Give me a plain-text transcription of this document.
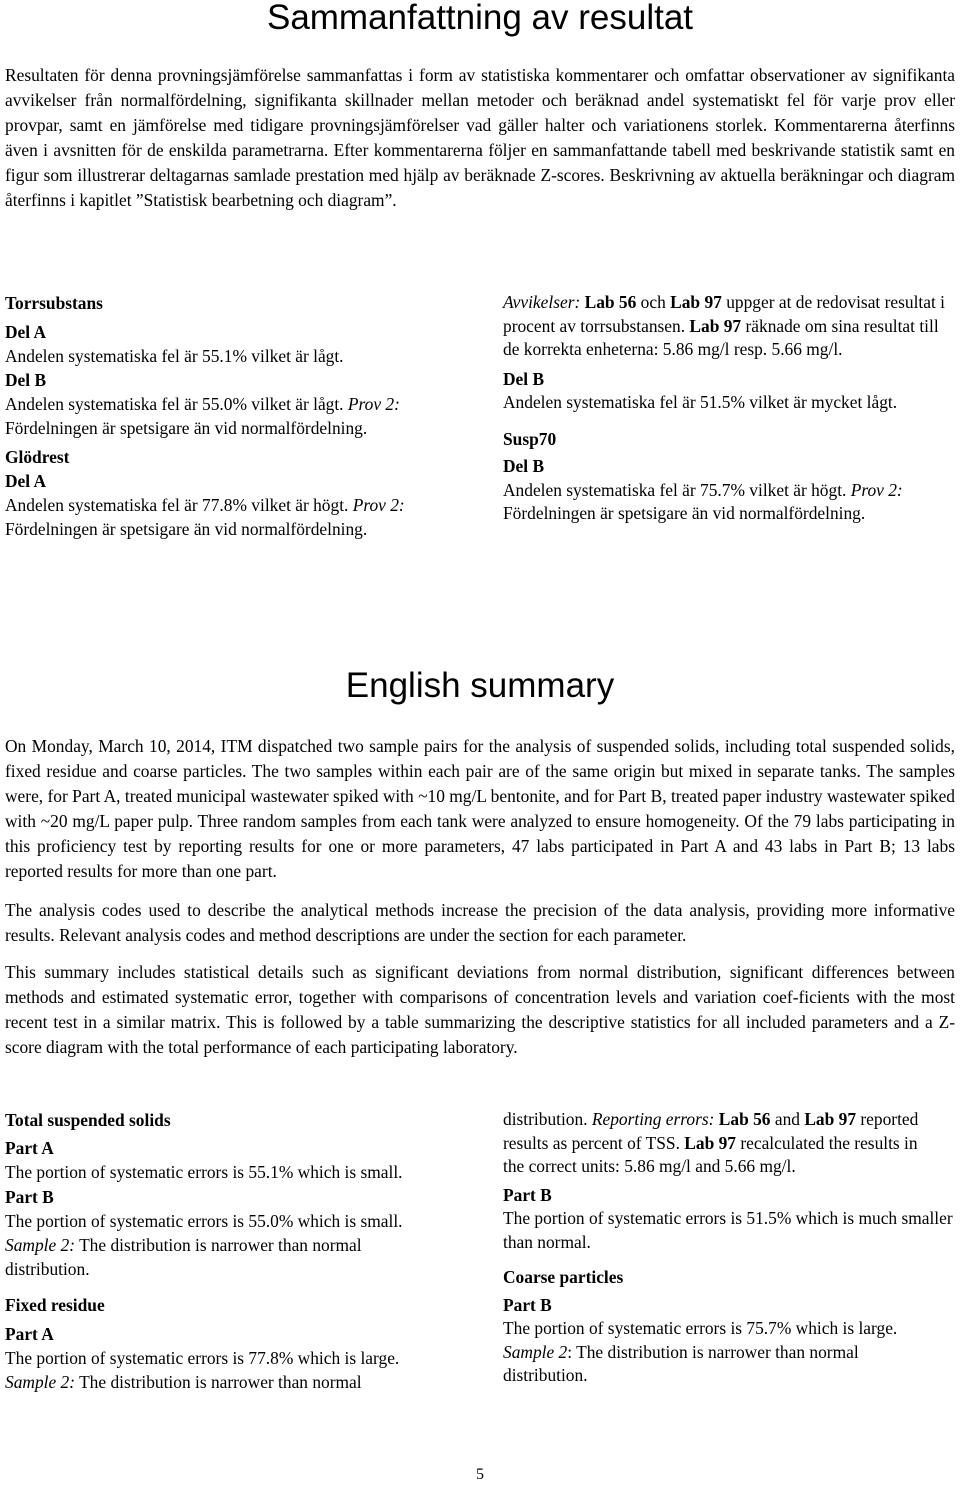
Sammanfattning av resultat

Resultaten för denna provningsjämförelse sammanfattas i form av statistiska kommentarer och omfattar observationer av signifikanta avvikelser från normalfördelning, signifikanta skillnader mellan metoder och beräknad andel systematiskt fel för varje prov eller provpar, samt en jämförelse med tidigare provningsjämförelser vad gäller halter och variationens storlek. Kommentarerna återfinns även i avsnitten för de enskilda parametrarna. Efter kommentarerna följer en sammanfattande tabell med beskrivande statistik samt en figur som illustrerar deltagarnas samlade prestation med hjälp av beräknade Z-scores. Beskrivning av aktuella beräkningar och diagram återfinns i kapitlet ”Statistisk bearbetning och diagram”.

Torrsubstans

Del A

Andelen systematiska fel är 55.1% vilket är lågt.

Del B

Andelen systematiska fel är 55.0% vilket är lågt. Prov 2: Fördelningen är spetsigare än vid normalfördelning.

Glödrest

Del A

Andelen systematiska fel är 77.8% vilket är högt. Prov 2: Fördelningen är spetsigare än vid normalfördelning.

Avvikelser: Lab 56 och Lab 97 uppger at de redovisat resultat i procent av torrsubstansen. Lab 97 räknade om sina resultat till de korrekta enheterna: 5.86 mg/l resp. 5.66 mg/l.

Del B

Andelen systematiska fel är 51.5% vilket är mycket lågt.

Susp70

Del B

Andelen systematiska fel är 75.7% vilket är högt. Prov 2: Fördelningen är spetsigare än vid normalfördelning.

English summary

On Monday, March 10, 2014, ITM dispatched two sample pairs for the analysis of suspended solids, including total suspended solids, fixed residue and coarse particles. The two samples within each pair are of the same origin but mixed in separate tanks. The samples were, for Part A, treated municipal wastewater spiked with ~10 mg/L bentonite, and for Part B, treated paper industry wastewater spiked with ~20 mg/L paper pulp. Three random samples from each tank were analyzed to ensure homogeneity. Of the 79 labs participating in this proficiency test by reporting results for one or more parameters, 47 labs participated in Part A and 43 labs in Part B; 13 labs reported results for more than one part.

The analysis codes used to describe the analytical methods increase the precision of the data analysis, providing more informative results. Relevant analysis codes and method descriptions are under the section for each parameter.

This summary includes statistical details such as significant deviations from normal distribution, significant differences between methods and estimated systematic error, together with comparisons of concentration levels and variation coef-ficients with the most recent test in a similar matrix. This is followed by a table summarizing the descriptive statistics for all included parameters and a Z-score diagram with the total performance of each participating laboratory.

Total suspended solids

Part A

The portion of systematic errors is 55.1% which is small.

Part B

The portion of systematic errors is 55.0% which is small.

Sample 2: The distribution is narrower than normal distribution.

Fixed residue

Part A

The portion of systematic errors is 77.8% which is large.

Sample 2: The distribution is narrower than normal

distribution. Reporting errors: Lab 56 and Lab 97 reported results as percent of TSS. Lab 97 recalculated the results in the correct units: 5.86 mg/l and 5.66 mg/l.

Part B

The portion of systematic errors is 51.5% which is much smaller than normal.

Coarse particles

Part B

The portion of systematic errors is 75.7% which is large.

Sample 2: The distribution is narrower than normal distribution.

5
